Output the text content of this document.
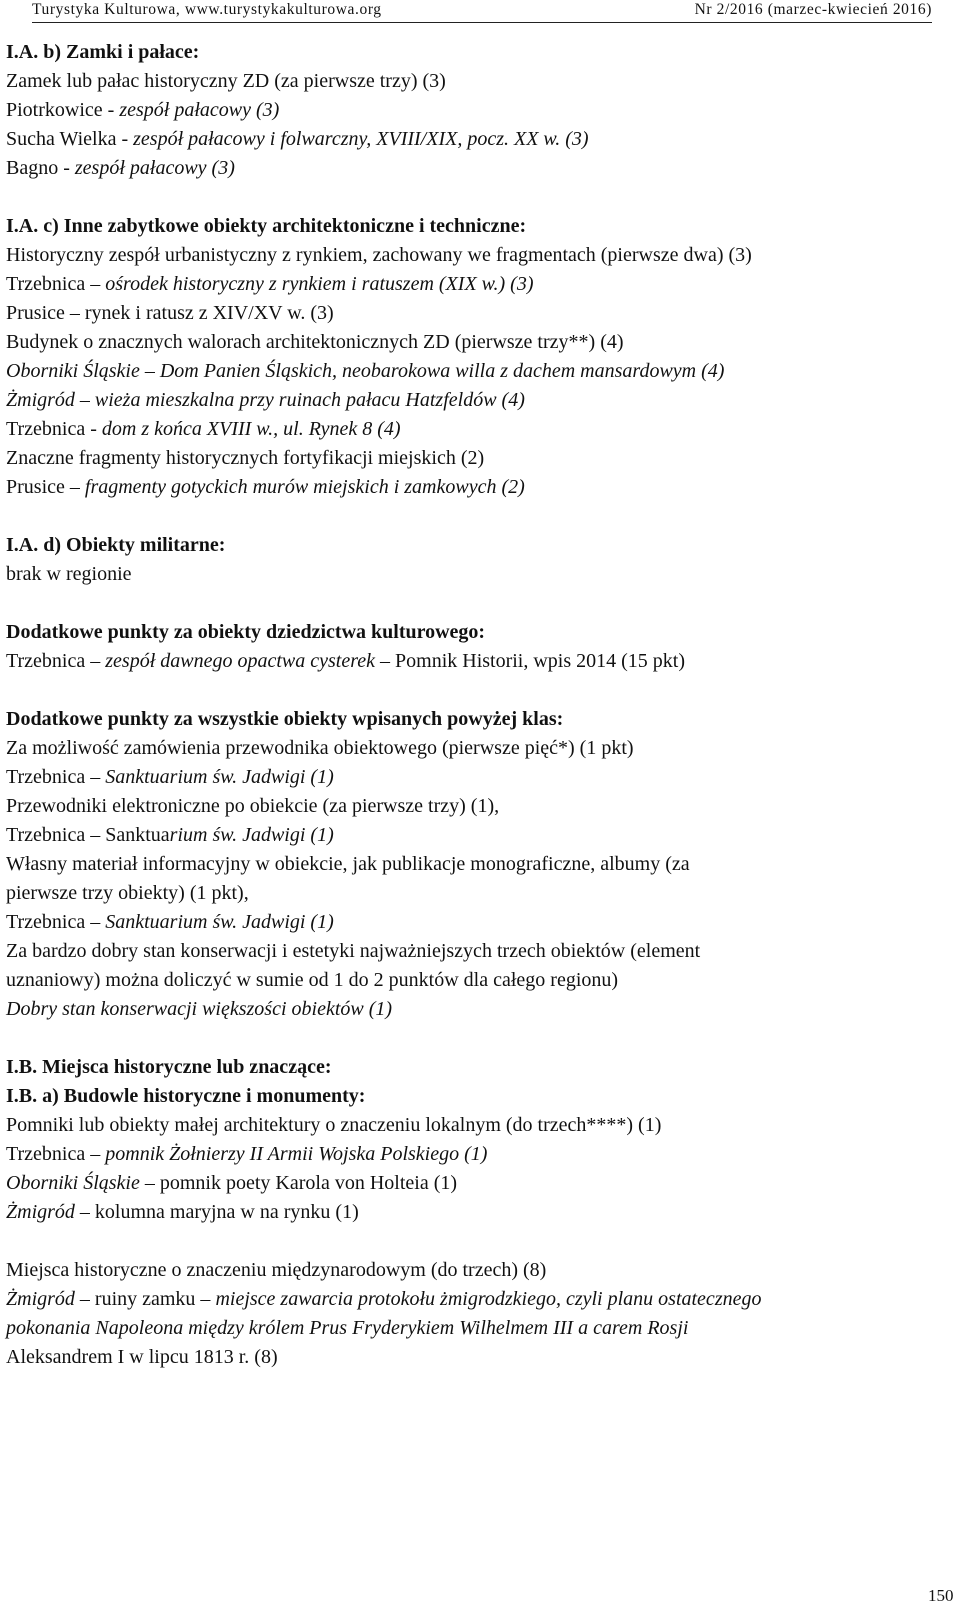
Turystyka Kulturowa, www.turystykakulturowa.org	Nr 2/2016 (marzec-kwiecień 2016)
I.A. b) Zamki i pałace:
Zamek lub pałac historyczny ZD (za pierwsze trzy) (3)
Piotrkowice - zespół pałacowy (3)
Sucha Wielka - zespół pałacowy i folwarczny, XVIII/XIX, pocz. XX w. (3)
Bagno - zespół pałacowy (3)
I.A. c) Inne zabytkowe obiekty architektoniczne i techniczne:
Historyczny zespół urbanistyczny z rynkiem, zachowany we fragmentach (pierwsze dwa) (3)
Trzebnica – ośrodek historyczny z rynkiem i ratuszem (XIX w.) (3)
Prusice – rynek i ratusz z XIV/XV w. (3)
Budynek o znacznych walorach architektonicznych ZD (pierwsze trzy**) (4)
Oborniki Śląskie – Dom Panien Śląskich, neobarokowa willa z dachem mansardowym (4)
Żmigród – wieża mieszkalna przy ruinach pałacu Hatzfeldów (4)
Trzebnica - dom z końca XVIII w., ul. Rynek 8 (4)
Znaczne fragmenty historycznych fortyfikacji miejskich (2)
Prusice – fragmenty gotyckich murów miejskich i zamkowych (2)
I.A. d) Obiekty militarne:
brak w regionie
Dodatkowe punkty za obiekty dziedzictwa kulturowego:
Trzebnica – zespół dawnego opactwa cysterek – Pomnik Historii, wpis 2014 (15 pkt)
Dodatkowe punkty za wszystkie obiekty wpisanych powyżej klas:
Za możliwość zamówienia przewodnika obiektowego (pierwsze pięć*) (1 pkt)
Trzebnica – Sanktuarium św. Jadwigi (1)
Przewodniki elektroniczne po obiekcie (za pierwsze trzy) (1),
Trzebnica – Sanktuarium św. Jadwigi (1)
Własny materiał informacyjny w obiekcie, jak publikacje monograficzne, albumy (za
pierwsze trzy obiekty) (1 pkt),
Trzebnica – Sanktuarium św. Jadwigi (1)
Za bardzo dobry stan konserwacji i estetyki najważniejszych trzech obiektów (element
uznaniowy) można doliczyć w sumie od 1 do 2 punktów dla całego regionu)
Dobry stan konserwacji większości obiektów (1)
I.B. Miejsca historyczne lub znaczące:
I.B. a) Budowle historyczne i monumenty:
Pomniki lub obiekty małej architektury o znaczeniu lokalnym (do trzech****) (1)
Trzebnica – pomnik Żołnierzy II Armii Wojska Polskiego (1)
Oborniki Śląskie – pomnik poety Karola von Holteia (1)
Żmigród – kolumna maryjna w na rynku (1)
Miejsca historyczne o znaczeniu międzynarodowym (do trzech) (8)
Żmigród – ruiny zamku – miejsce zawarcia protokołu żmigrodzkiego, czyli planu ostatecznego
pokonania Napoleona między królem Prus Fryderykiem Wilhelmem III a carem Rosji
Aleksandrem I w lipcu 1813 r. (8)
150
